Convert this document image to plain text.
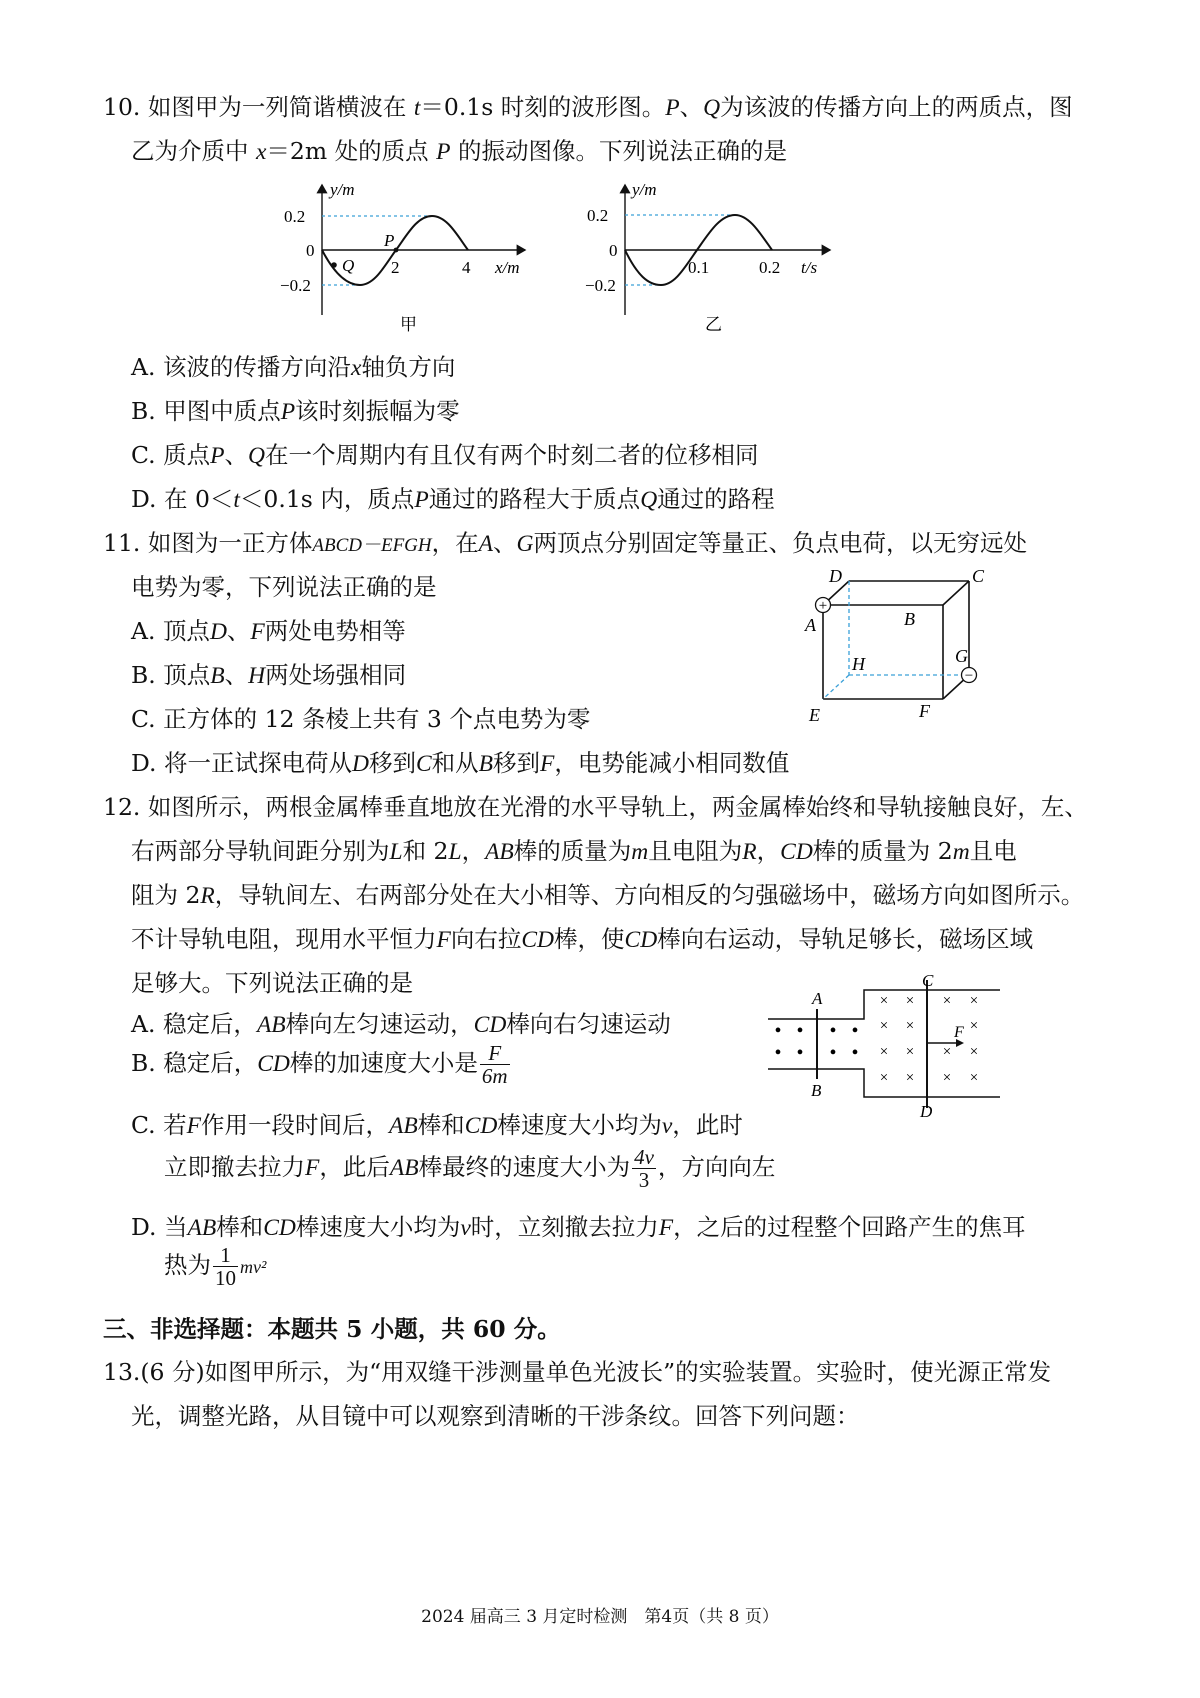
10. 如图甲为一列简谐横波在 t＝0.1s 时刻的波形图。P、Q为该波的传播方向上的两质点，图
乙为介质中 x＝2m 处的质点 P 的振动图像。下列说法正确的是
y/m
0.2
0
−0.2
2	4 x/m
P
Q
甲
y/m
0.2
0
−0.2
0.1	0.2 t/s
乙
A. 该波的传播方向沿x轴负方向
B. 甲图中质点P该时刻振幅为零
C. 质点P、Q在一个周期内有且仅有两个时刻二者的位移相同
D. 在 0＜t＜0.1s 内，质点P通过的路程大于质点Q通过的路程
11. 如图为一正方体ABCD－EFGH，在A、G两顶点分别固定等量正、负点电荷，以无穷远处
电势为零，下列说法正确的是
+
−
D	C
A	B
H	G
E	F
A. 顶点D、F两处电势相等
B. 顶点B、H两处场强相同
C. 正方体的 12 条棱上共有 3 个点电势为零
D. 将一正试探电荷从D移到C和从B移到F，电势能减小相同数值
12. 如图所示，两根金属棒垂直地放在光滑的水平导轨上，两金属棒始终和导轨接触良好，左、
右两部分导轨间距分别为L和 2L，AB棒的质量为m且电阻为R，CD棒的质量为 2m且电
阻为 2R，导轨间左、右两部分处在大小相等、方向相反的匀强磁场中，磁场方向如图所示。
不计导轨电阻，现用水平恒力F向右拉CD棒，使CD棒向右运动，导轨足够长，磁场区域
足够大。下列说法正确的是
A
B
C
D
F
• • • •
• • • •
× × × ×
× ×	×
× × × ×
× × × ×
A. 稳定后，AB棒向左匀速运动，CD棒向右匀速运动
B. 稳定后，CD棒的加速度大小是 $\frac{F}{6m}$
C. 若F作用一段时间后，AB棒和CD棒速度大小均为v，此时
立即撤去拉力F，此后AB棒最终的速度大小为 $\frac{4v}{3}$ ，方向向左
D. 当AB棒和CD棒速度大小均为v时，立刻撤去拉力F，之后的过程整个回路产生的焦耳
热为 $\frac{1}{10} mv^2$
三、非选择题：本题共 5 小题，共 60 分。
13.(6 分)如图甲所示，为“用双缝干涉测量单色光波长”的实验装置。实验时，使光源正常发
光，调整光路，从目镜中可以观察到清晰的干涉条纹。回答下列问题：
2024 届高三 3 月定时检测　第4页（共 8 页）
